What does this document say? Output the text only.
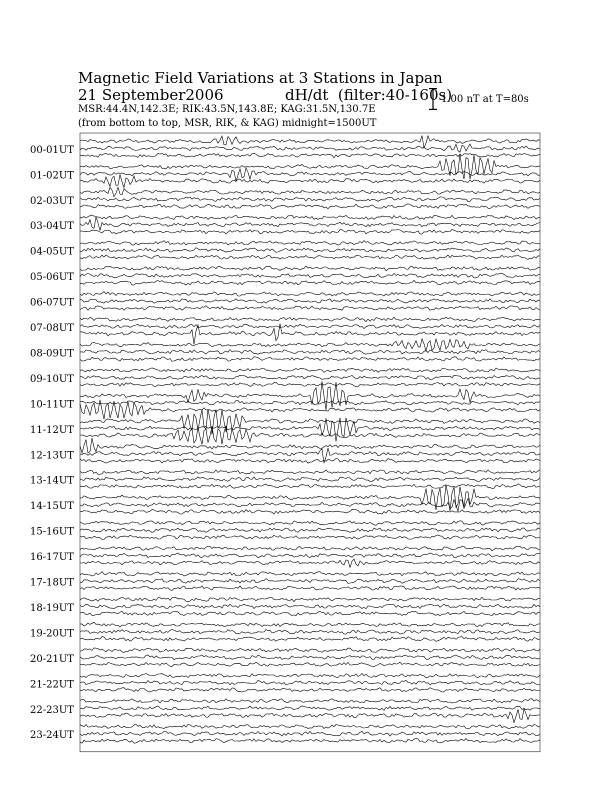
Magnetic Field Variations at 3 Stations in Japan
21 September2006	dH/dt (filter:40-160s)
MSR:44.4N,142.3E; RIK:43.5N,143.8E; KAG:31.5N,130.7E
(from bottom to top, MSR, RIK, & KAG) midnight=1500UT
1.00 nT at T=80s
00-01UT
01-02UT
02-03UT
03-04UT
04-05UT
05-06UT
06-07UT
07-08UT
08-09UT
09-10UT
10-11UT
11-12UT
12-13UT
13-14UT
14-15UT
15-16UT
16-17UT
17-18UT
18-19UT
19-20UT
20-21UT
21-22UT
22-23UT
23-24UT
